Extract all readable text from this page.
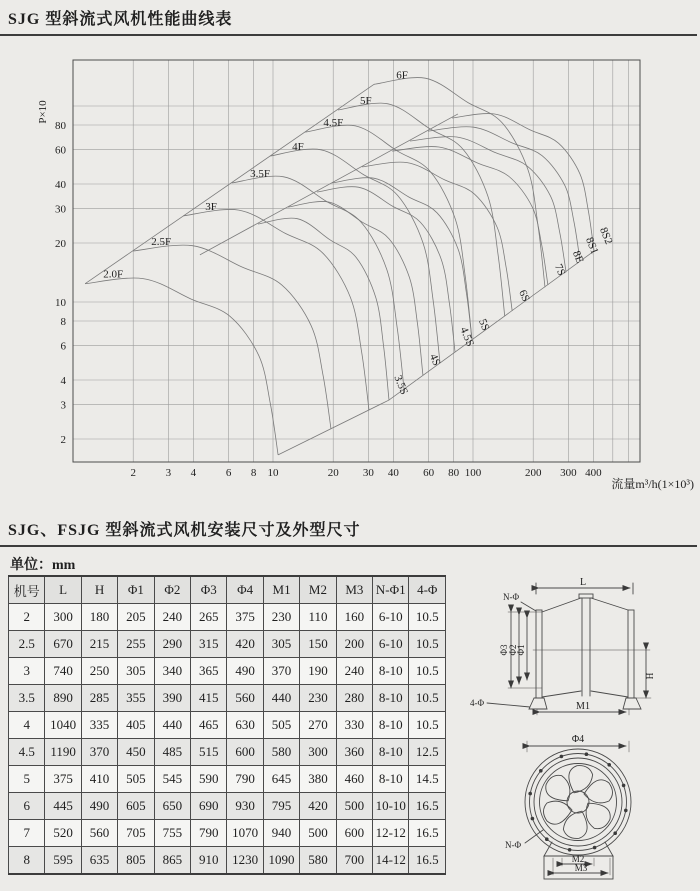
SJG 型斜流式风机性能曲线表
2.0F
2.5F
3F
3.5F
4F
4.5F
5F
6F
3.5S
4S
4.5S
5S
6S
7S
8E
8S1
8S2
2	3 4	6 8 10	20 30 40 60 80 100	200 300 400
2
3
4
6
8
10
20
30
40
60
80
P×10
流量m³/h(1×10³)
SJG、FSJG 型斜流式风机安装尺寸及外型尺寸
单位：mm
机号	L	H	Φ1	Φ2	Φ3	Φ4	M1	M2	M3	N-Φ1	4-Φ
2	300	180	205	240	265	375	230	110	160	6-10	10.5
2.5	670	215	255	290	315	420	305	150	200	6-10	10.5
3	740	250	305	340	365	490	370	190	240	8-10	10.5
3.5	890	285	355	390	415	560	440	230	280	8-10	10.5
4	1040	335	405	440	465	630	505	270	330	8-10	10.5
4.5	1190	370	450	485	515	600	580	300	360	8-10	12.5
5	375	410	505	545	590	790	645	380	460	8-10	14.5
6	445	490	605	650	690	930	795	420	500	10-10	16.5
7	520	560	705	755	790	1070	940	500	600	12-12	16.5
8	595	635	805	865	910	1230	1090	580	700	14-12	16.5
L
N-Φ
Φ3 Φ2
Φ1
H
4-Φ	M1
Φ4
N-Φ
M2
M3
